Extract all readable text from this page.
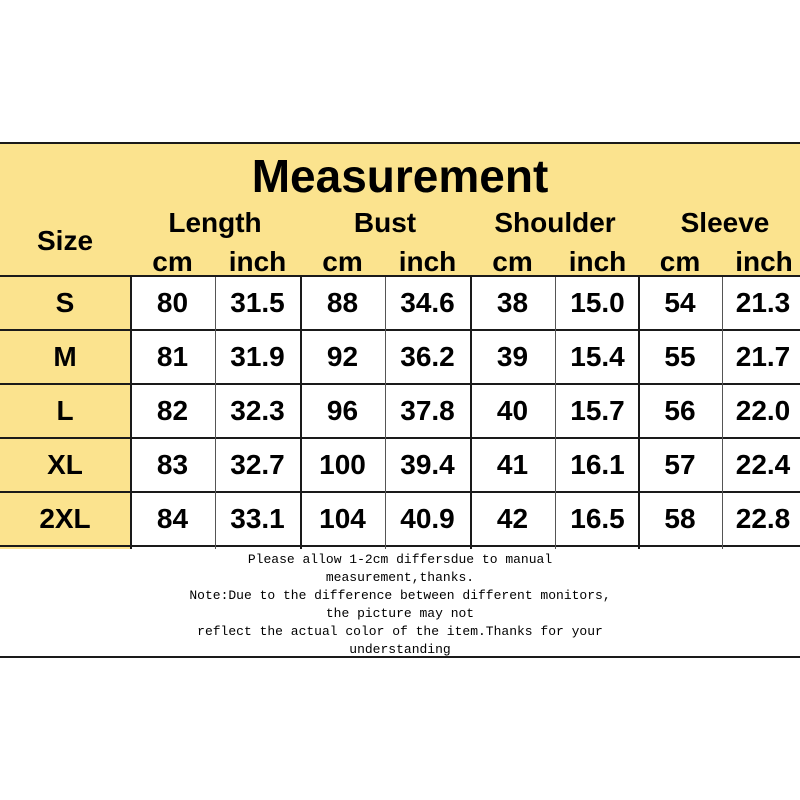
Measurement
Size
Length	Bust	Shoulder	Sleeve
cm	inch	cm	inch	cm	inch	cm	inch
S	80	31.5	88	34.6	38	15.0	54	21.3
M	81	31.9	92	36.2	39	15.4	55	21.7
L	82	32.3	96	37.8	40	15.7	56	22.0
XL	83	32.7	100	39.4	41	16.1	57	22.4
2XL	84	33.1	104	40.9	42	16.5	58	22.8
Please allow 1-2cm differsdue to manual
measurement,thanks.
Note:Due to the difference between different monitors,
the picture may not
reflect the actual color of the item.Thanks for your
understanding
